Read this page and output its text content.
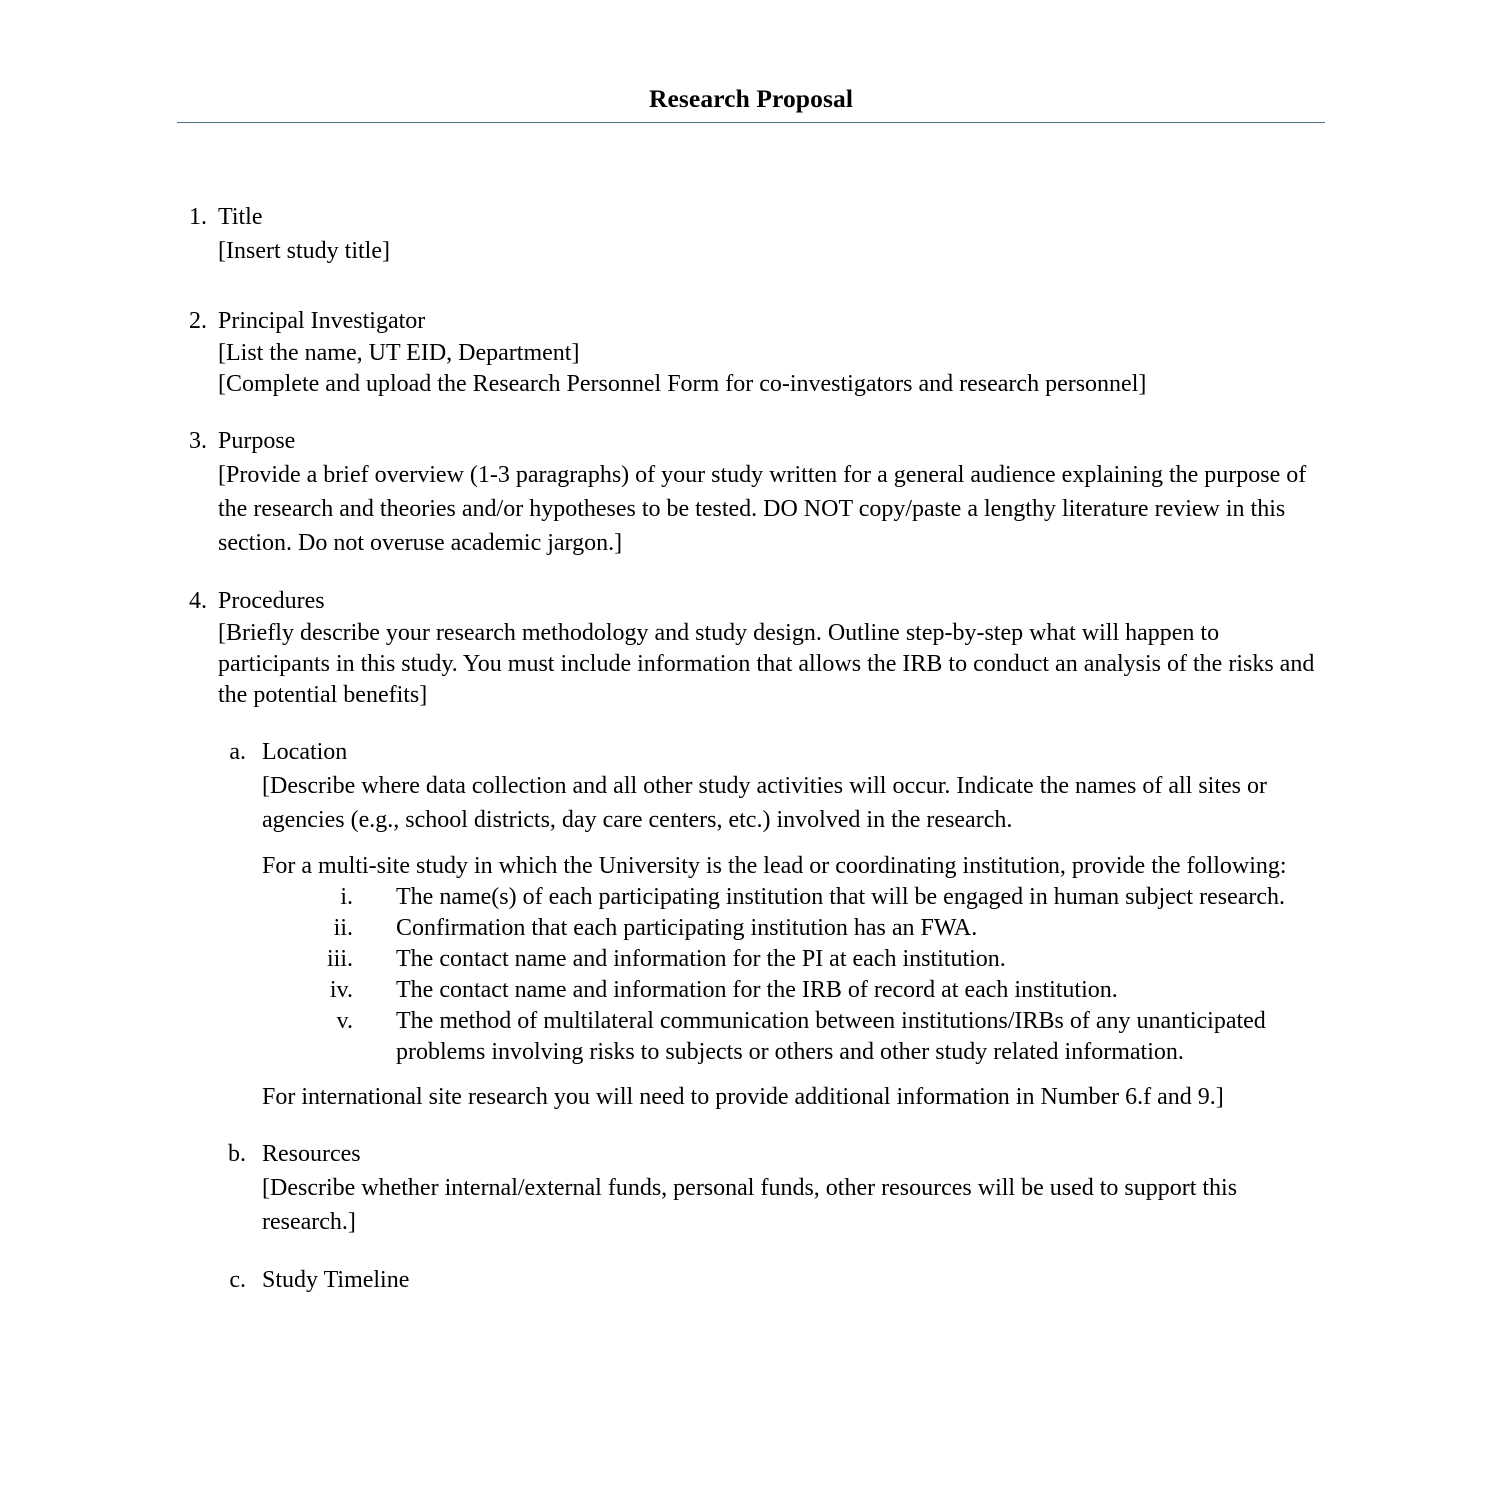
Research Proposal
1. Title
[Insert study title]
2. Principal Investigator
[List the name, UT EID, Department]
[Complete and upload the Research Personnel Form for co-investigators and research personnel]
3. Purpose
[Provide a brief overview (1-3 paragraphs) of your study written for a general audience explaining the purpose of the research and theories and/or hypotheses to be tested. DO NOT copy/paste a lengthy literature review in this section. Do not overuse academic jargon.]
4. Procedures
[Briefly describe your research methodology and study design. Outline step-by-step what will happen to participants in this study. You must include information that allows the IRB to conduct an analysis of the risks and the potential benefits]
a. Location
[Describe where data collection and all other study activities will occur. Indicate the names of all sites or agencies (e.g., school districts, day care centers, etc.) involved in the research.
For a multi-site study in which the University is the lead or coordinating institution, provide the following:
i. The name(s) of each participating institution that will be engaged in human subject research.
ii. Confirmation that each participating institution has an FWA.
iii. The contact name and information for the PI at each institution.
iv. The contact name and information for the IRB of record at each institution.
v. The method of multilateral communication between institutions/IRBs of any unanticipated problems involving risks to subjects or others and other study related information.
For international site research you will need to provide additional information in Number 6.f and 9.]
b. Resources
[Describe whether internal/external funds, personal funds, other resources will be used to support this research.]
c. Study Timeline
